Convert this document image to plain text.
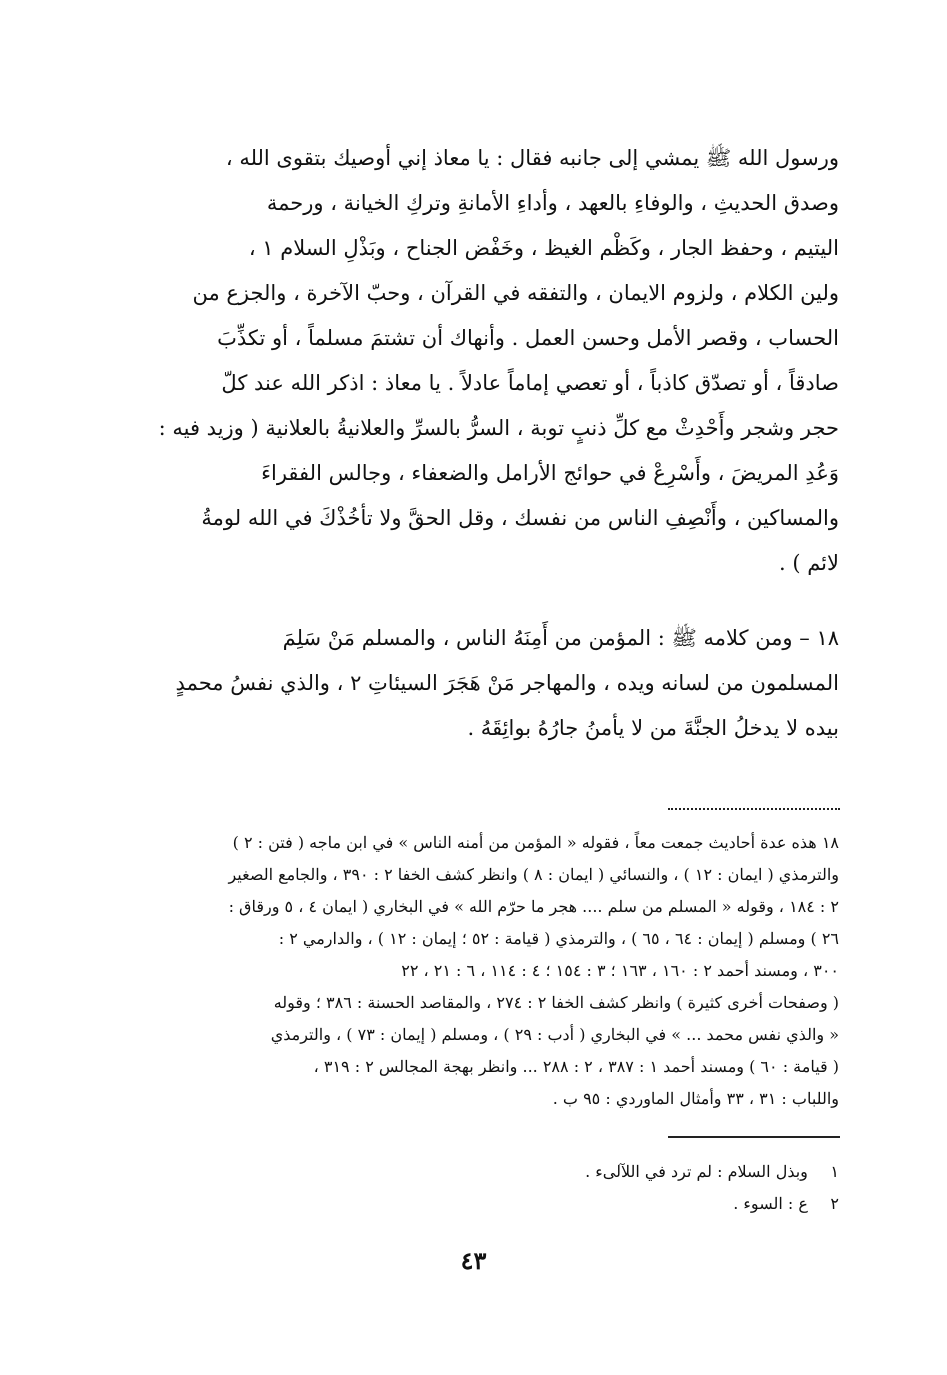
ورسول الله ﷺ يمشي إلى جانبه فقال : يا معاذ إني أوصيك بتقوى الله ،
وصدق الحديثِ ، والوفاءِ بالعهد ، وأداءِ الأمانةِ وتركِ الخيانة ، ورحمة
اليتيم ، وحفظ الجار ، وكَظْم الغيظ ، وخَفْض الجناح ، وبَذْلِ السلام ١ ،
ولين الكلام ، ولزوم الايمان ، والتفقه في القرآن ، وحبّ الآخرة ، والجزع من
الحساب ، وقصر الأمل وحسن العمل . وأنهاك أن تشتمَ مسلماً ، أو تكذِّبَ
صادقاً ، أو تصدّق كاذباً ، أو تعصي إماماً عادلاً . يا معاذ : اذكر الله عند كلّ
حجر وشجر وأَحْدِثْ مع كلِّ ذنبٍ توبة ، السرُّ بالسرِّ والعلانيةُ بالعلانية ( وزيد فيه :
وَعُدِ المريضَ ، وأَسْرِعْ في حوائج الأرامل والضعفاء ، وجالس الفقراءَ
والمساكين ، وأَنْصِفِ الناس من نفسك ، وقل الحقَّ ولا تأخُذْكَ في الله لومةُ
لائم ) .
١٨ – ومن كلامه ﷺ : المؤمن من أَمِنَهُ الناس ، والمسلم مَنْ سَلِمَ
المسلمون من لسانه ويده ، والمهاجر مَنْ هَجَرَ السيئاتِ ٢ ، والذي نفسُ محمدٍ
بيده لا يدخلُ الجنَّةَ من لا يأمنُ جارُهُ بوائِقَهُ .
١٨ هذه عدة أحاديث جمعت معاً ، فقوله « المؤمن من أمنه الناس » في ابن ماجه ( فتن : ٢ )
والترمذي ( ايمان : ١٢ ) ، والنسائي ( ايمان : ٨ ) وانظر كشف الخفا ٢ : ٣٩٠ ، والجامع الصغير
٢ : ١٨٤ ، وقوله « المسلم من سلم .... هجر ما حرّم الله » في البخاري ( ايمان ٤ ، ٥ ورقاق :
٢٦ ) ومسلم ( إيمان : ٦٤ ، ٦٥ ) ، والترمذي ( قيامة : ٥٢ ؛ إيمان : ١٢ ) ، والدارمي ٢ :
٣٠٠ ، ومسند أحمد ٢ : ١٦٠ ، ١٦٣ ؛ ٣ : ١٥٤ ؛ ٤ : ١١٤ ، ٦ : ٢١ ، ٢٢
( وصفحات أخرى كثيرة ) وانظر كشف الخفا ٢ : ٢٧٤ ، والمقاصد الحسنة : ٣٨٦ ؛ وقوله
« والذي نفس محمد ... » في البخاري ( أدب : ٢٩ ) ، ومسلم ( إيمان : ٧٣ ) ، والترمذي
( قيامة : ٦٠ ) ومسند أحمد ١ : ٣٨٧ ، ٢ : ٢٨٨ ... وانظر بهجة المجالس ٢ : ٣١٩ ،
واللباب : ٣١ ، ٣٣ وأمثال الماوردي : ٩٥ ب .
١ وبذل السلام : لم ترد في اللآلىء .
٢ ع : السوء .
٤٣
